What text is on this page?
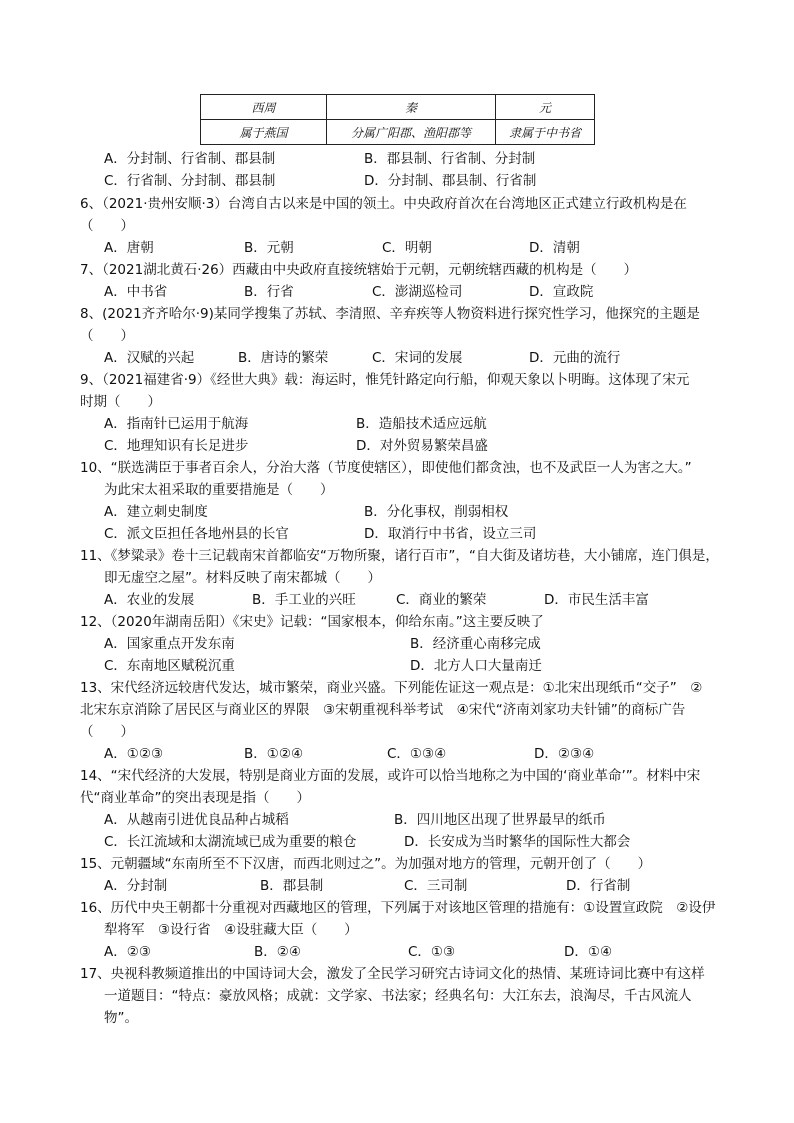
西周	秦	元
属于燕国	分属广阳郡、渔阳郡等	隶属于中书省
A．分封制、行省制、郡县制	B．郡县制、行省制、分封制
C．行省制、分封制、郡县制	D．分封制、郡县制、行省制
6、（2021·贵州安顺·3）台湾自古以来是中国的领土。中央政府首次在台湾地区正式建立行政机构是在
（　　）
A．唐朝	B．元朝	C．明朝	D．清朝
7、（2021湖北黄石·26）西藏由中央政府直接统辖始于元朝，元朝统辖西藏的机构是（　　）
A．中书省	B．行省	C．澎湖巡检司	D．宣政院
8、(2021齐齐哈尔·9)某同学搜集了苏轼、李清照、辛弃疾等人物资料进行探究性学习，他探究的主题是
（　　）
A．汉赋的兴起	B．唐诗的繁荣	C．宋词的发展	D．元曲的流行
9、（2021福建省·9）《经世大典》载：海运时，惟凭针路定向行船，仰观天象以卜明晦。这体现了宋元
时期（　　）
A．指南针已运用于航海	B．造船技术适应远航
C．地理知识有长足进步	D．对外贸易繁荣昌盛
10、“朕选满臣于事者百余人，分治大落（节度使辖区），即使他们都贪浊，也不及武臣一人为害之大。”
为此宋太祖采取的重要措施是（　　）
A．建立刺史制度	B．分化事权，削弱相权
C．派文臣担任各地州县的长官	D．取消行中书省，设立三司
11、《梦粱录》卷十三记载南宋首都临安“万物所聚，诸行百市”，“自大街及诸坊巷，大小铺席，连门俱是，
即无虚空之屋”。材料反映了南宋都城（　　）
A．农业的发展	B．手工业的兴旺	C．商业的繁荣	D．市民生活丰富
12、（2020年湖南岳阳）《宋史》记载：“国家根本，仰给东南。”这主要反映了
A．国家重点开发东南	B．经济重心南移完成
C．东南地区赋税沉重	D．北方人口大量南迁
13、宋代经济远较唐代发达，城市繁荣，商业兴盛。下列能佐证这一观点是：①北宋出现纸币“交子”　②
北宋东京消除了居民区与商业区的界限　③宋朝重视科举考试　④宋代“济南刘家功夫针铺”的商标广告
（　　）
A．①②③	B．①②④	C．①③④	D．②③④
14、“宋代经济的大发展，特别是商业方面的发展，或许可以恰当地称之为中国的‘商业革命’”。材料中宋
代“商业革命”的突出表现是指（　　）
A．从越南引进优良品种占城稻	B．四川地区出现了世界最早的纸币
C．长江流域和太湖流域已成为重要的粮仓	D．长安成为当时繁华的国际性大都会
15、元朝疆域“东南所至不下汉唐，而西北则过之”。为加强对地方的管理，元朝开创了（　　）
A．分封制	B．郡县制	C．三司制	D．行省制
16、历代中央王朝都十分重视对西藏地区的管理，下列属于对该地区管理的措施有：①设置宣政院　②设伊
犁将军　③设行省　④设驻藏大臣（　　）
A．②③	B．②④	C．①③	D．①④
17、央视科教频道推出的中国诗词大会，激发了全民学习研究古诗词文化的热情、某班诗词比赛中有这样
一道题目：“特点：豪放风格；成就：文学家、书法家；经典名句：大江东去，浪淘尽，千古风流人
物”。
